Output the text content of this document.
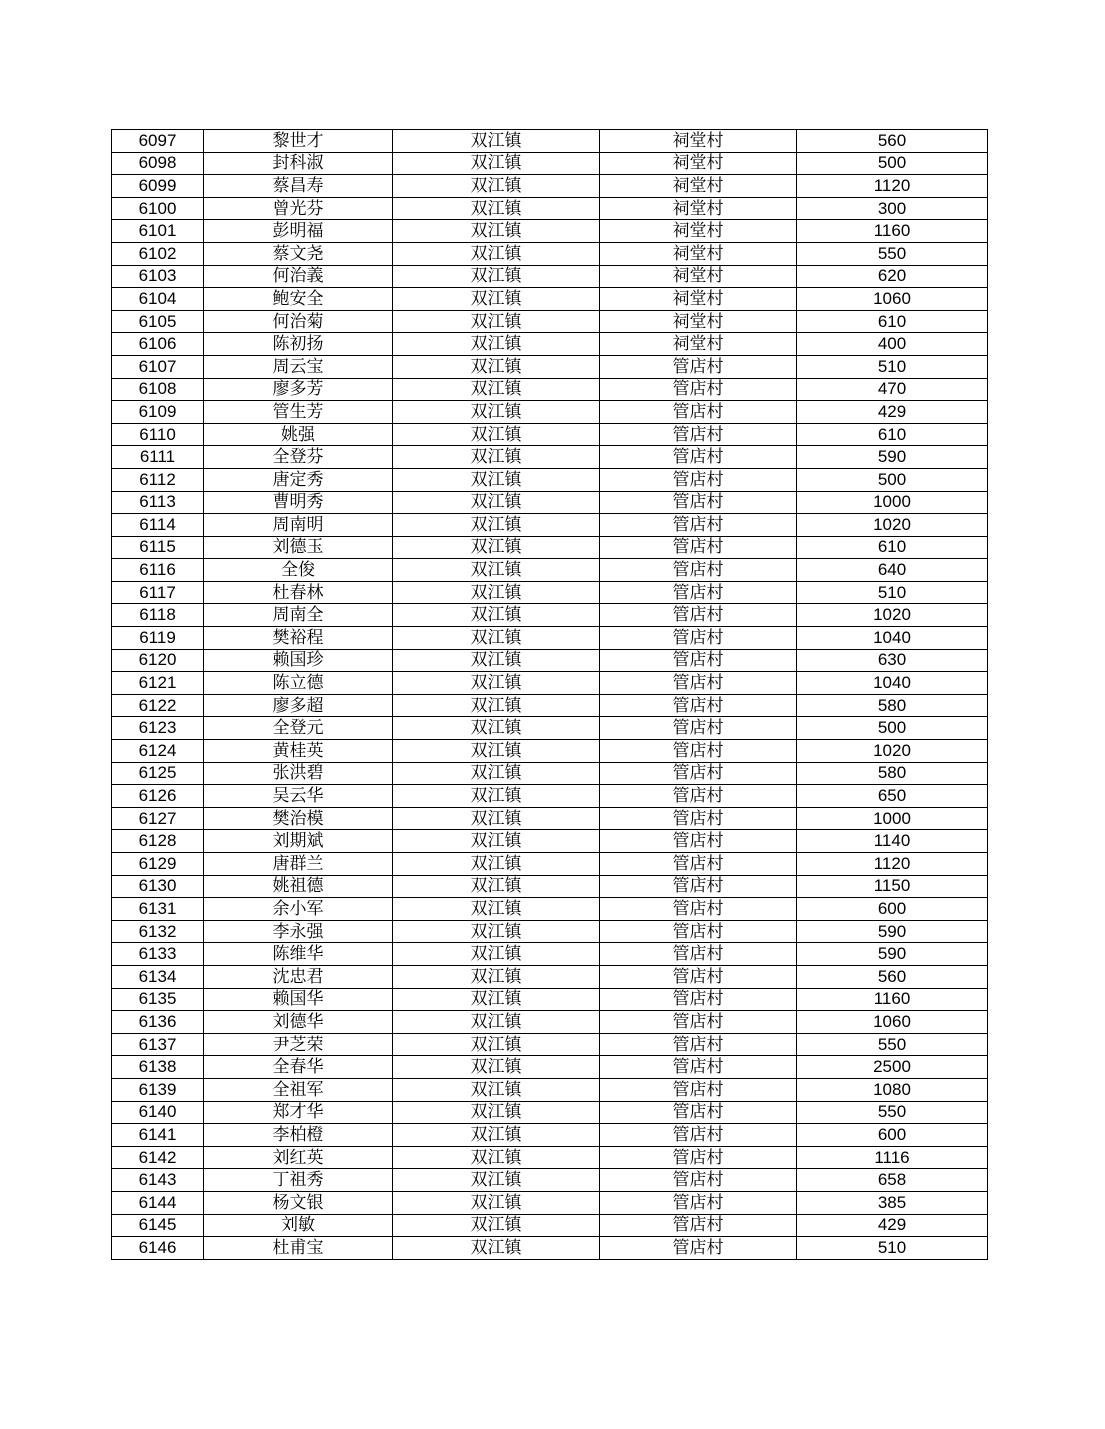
6097	黎世才	双江镇	祠堂村	560
6098	封科淑	双江镇	祠堂村	500
6099	蔡昌寿	双江镇	祠堂村	1120
6100	曾光芬	双江镇	祠堂村	300
6101	彭明福	双江镇	祠堂村	1160
6102	蔡文尧	双江镇	祠堂村	550
6103	何治義	双江镇	祠堂村	620
6104	鲍安全	双江镇	祠堂村	1060
6105	何治菊	双江镇	祠堂村	610
6106	陈初扬	双江镇	祠堂村	400
6107	周云宝	双江镇	管店村	510
6108	廖多芳	双江镇	管店村	470
6109	管生芳	双江镇	管店村	429
6110	姚强	双江镇	管店村	610
6111	全登芬	双江镇	管店村	590
6112	唐定秀	双江镇	管店村	500
6113	曹明秀	双江镇	管店村	1000
6114	周南明	双江镇	管店村	1020
6115	刘德玉	双江镇	管店村	610
6116	全俊	双江镇	管店村	640
6117	杜春林	双江镇	管店村	510
6118	周南全	双江镇	管店村	1020
6119	樊裕程	双江镇	管店村	1040
6120	赖国珍	双江镇	管店村	630
6121	陈立德	双江镇	管店村	1040
6122	廖多超	双江镇	管店村	580
6123	全登元	双江镇	管店村	500
6124	黄桂英	双江镇	管店村	1020
6125	张洪碧	双江镇	管店村	580
6126	吴云华	双江镇	管店村	650
6127	樊治模	双江镇	管店村	1000
6128	刘期斌	双江镇	管店村	1140
6129	唐群兰	双江镇	管店村	1120
6130	姚祖德	双江镇	管店村	1150
6131	余小军	双江镇	管店村	600
6132	李永强	双江镇	管店村	590
6133	陈维华	双江镇	管店村	590
6134	沈忠君	双江镇	管店村	560
6135	赖国华	双江镇	管店村	1160
6136	刘德华	双江镇	管店村	1060
6137	尹芝荣	双江镇	管店村	550
6138	全春华	双江镇	管店村	2500
6139	全祖军	双江镇	管店村	1080
6140	郑才华	双江镇	管店村	550
6141	李柏橙	双江镇	管店村	600
6142	刘红英	双江镇	管店村	1116
6143	丁祖秀	双江镇	管店村	658
6144	杨文银	双江镇	管店村	385
6145	刘敏	双江镇	管店村	429
6146	杜甫宝	双江镇	管店村	510
